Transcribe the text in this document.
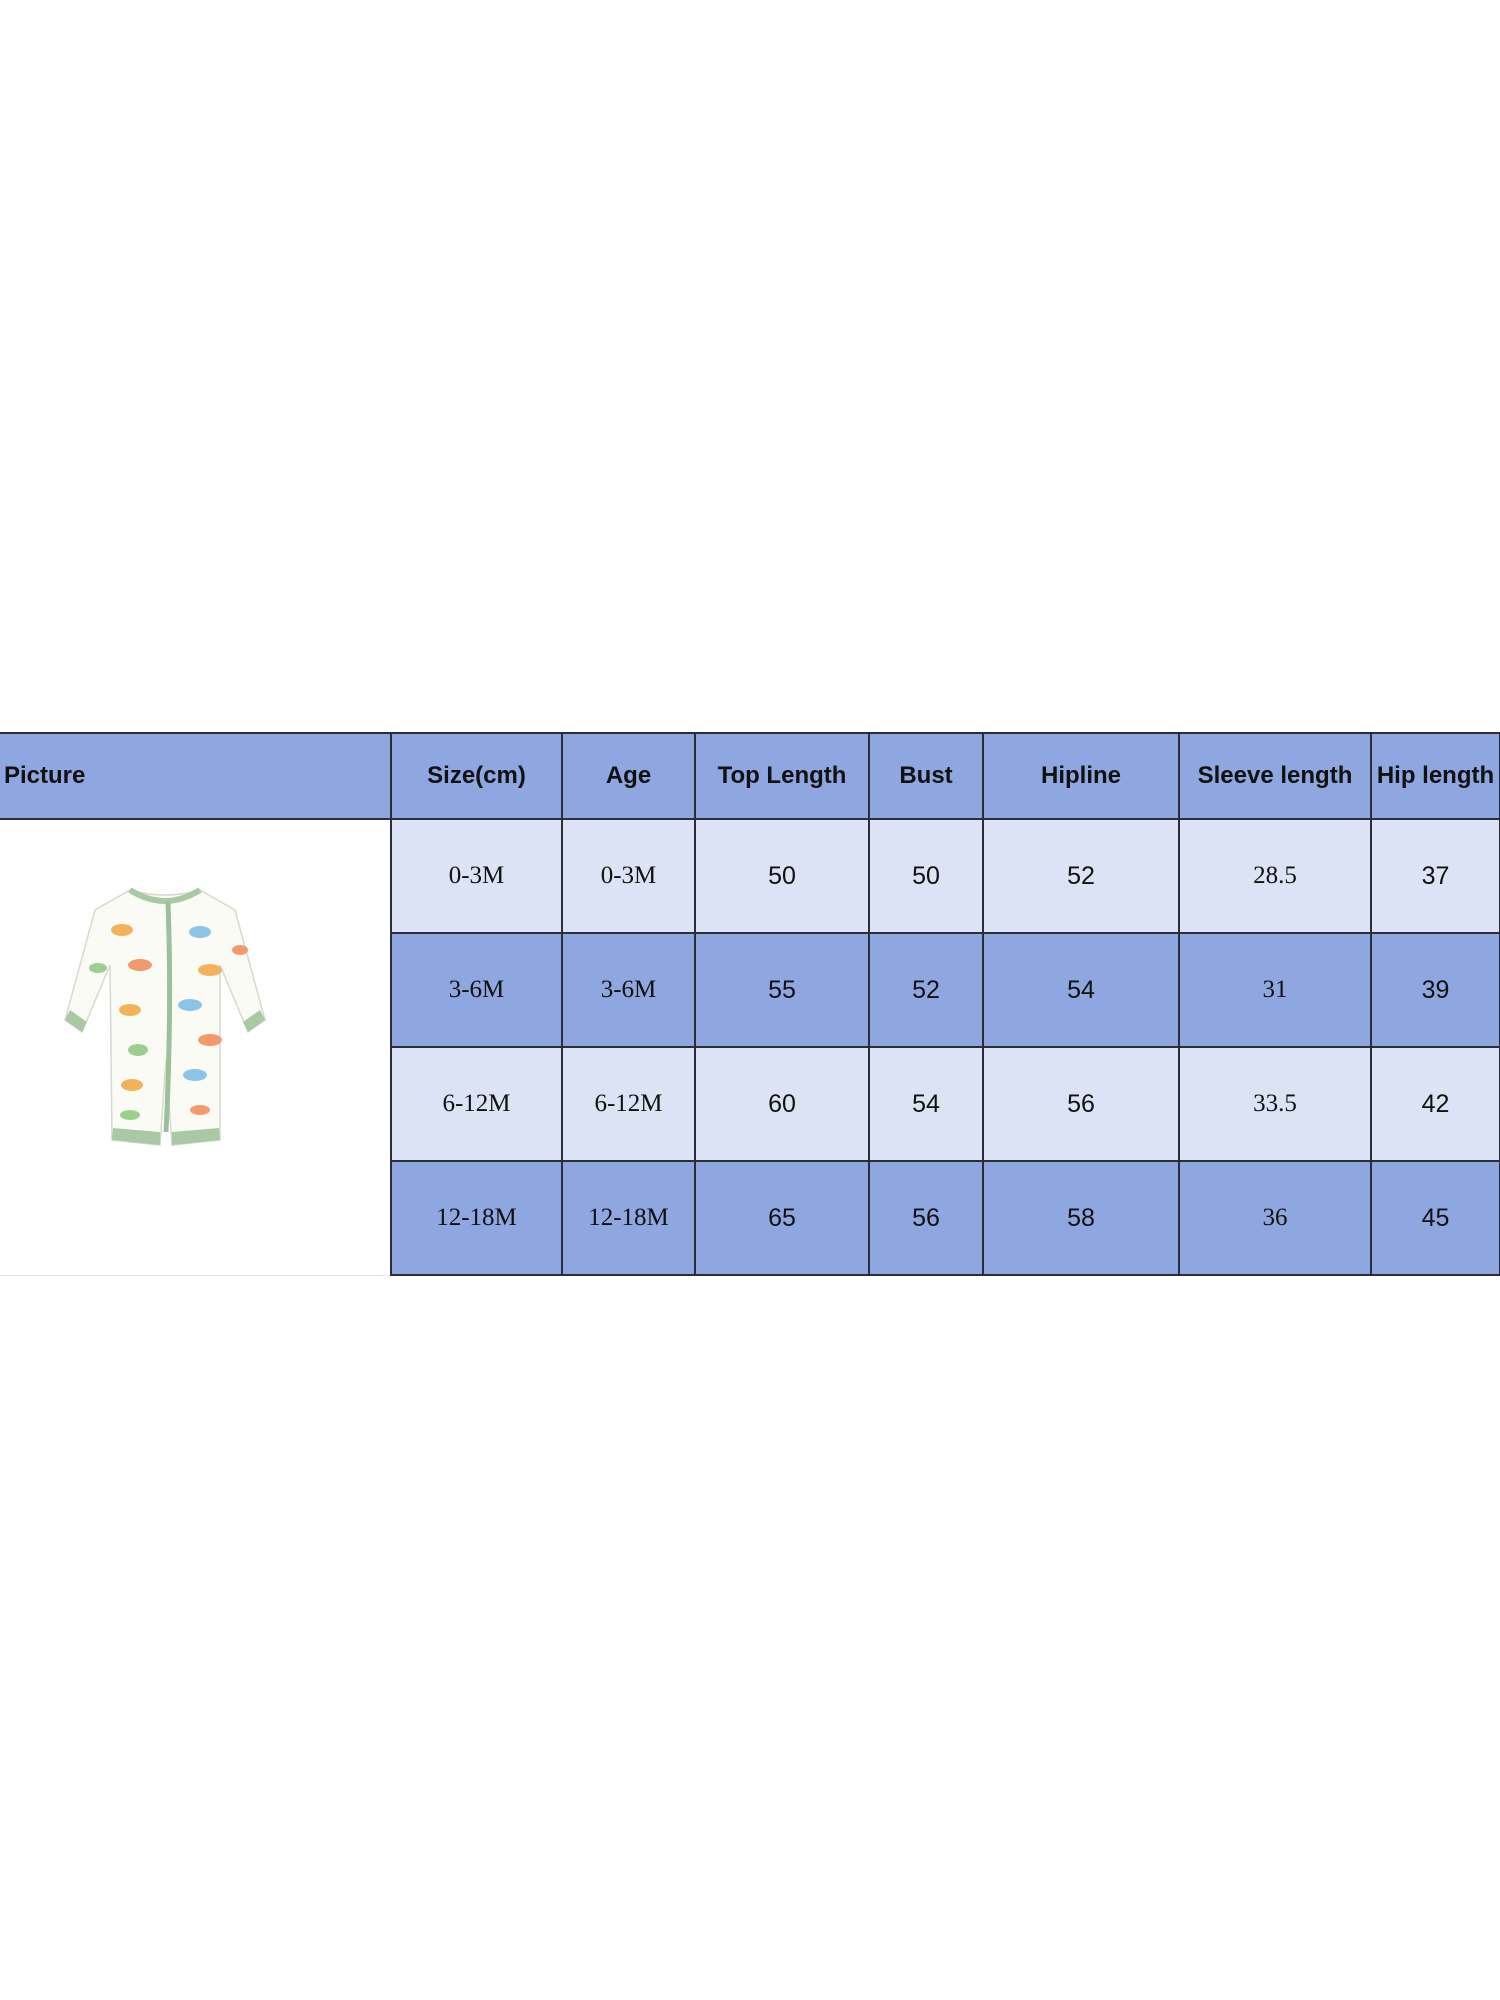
Picture	Size(cm)	Age	Top Length	Bust	Hipline	Sleeve length	Hip length

	0-3M	0-3M	50	50	52	28.5	37
	3-6M	3-6M	55	52	54	31	39
	6-12M	6-12M	60	54	56	33.5	42
	12-18M	12-18M	65	56	58	36	45
